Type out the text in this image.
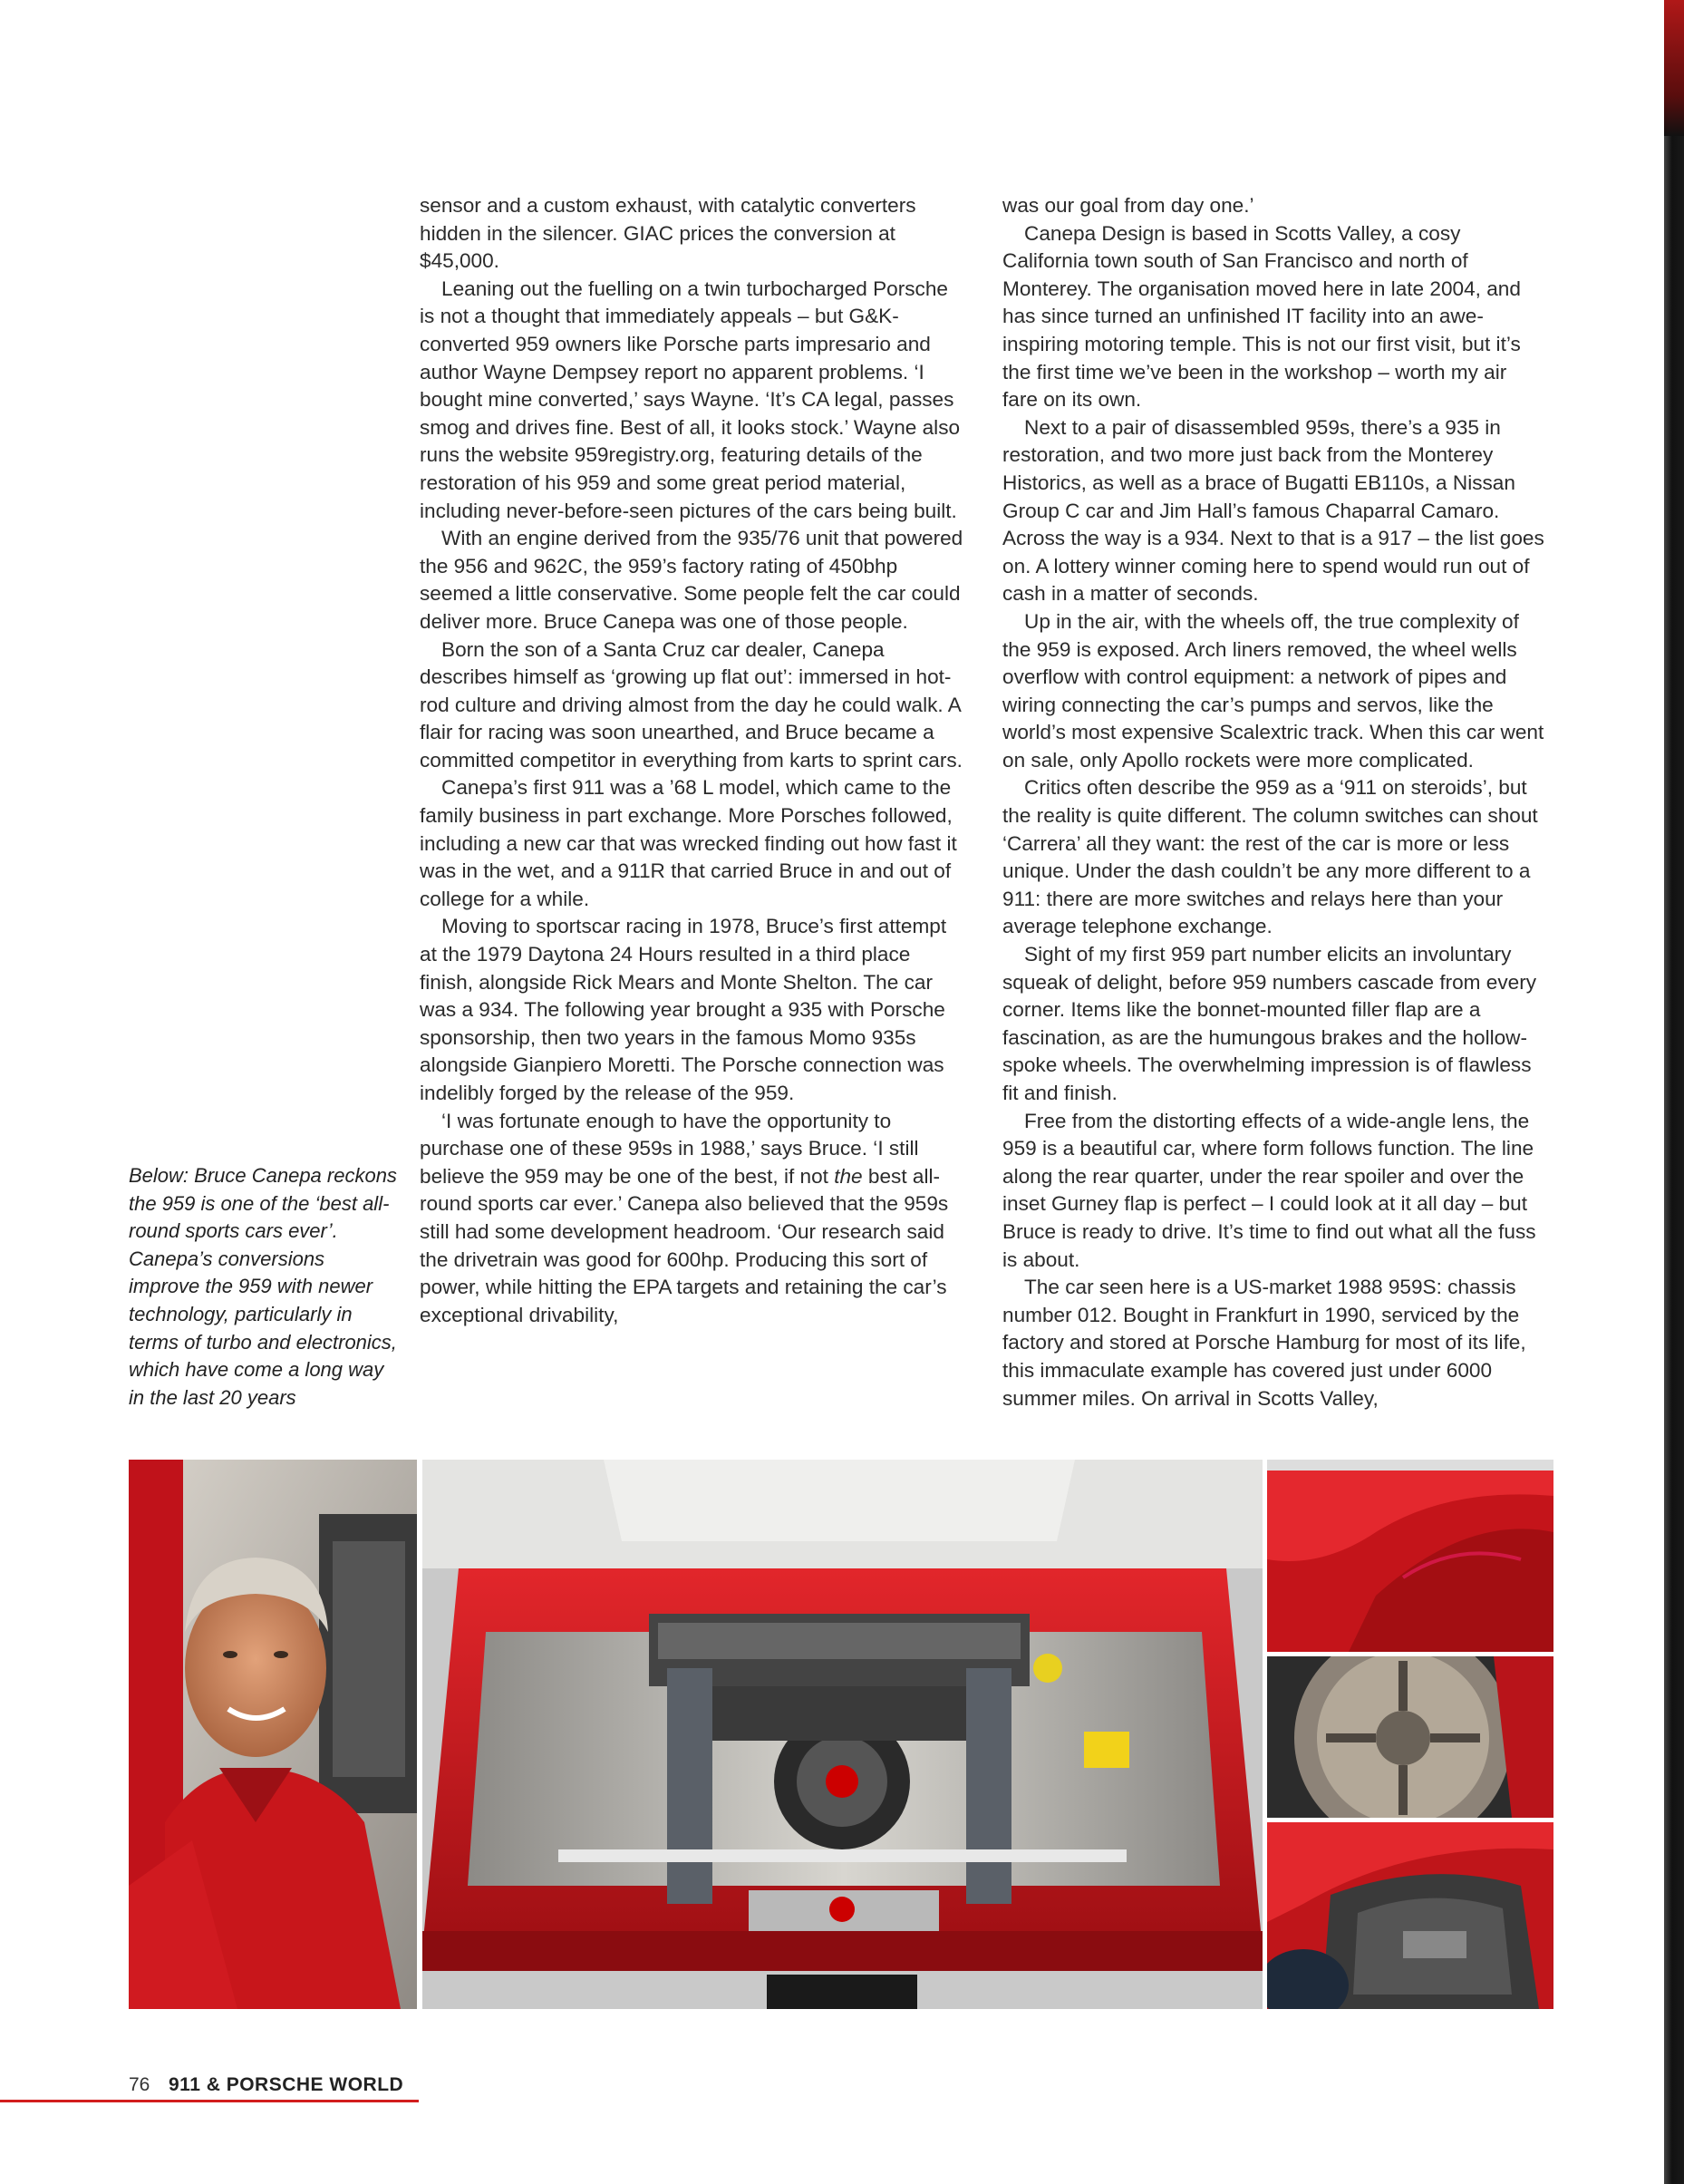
sensor and a custom exhaust, with catalytic converters hidden in the silencer. GIAC prices the conversion at $45,000.

Leaning out the fuelling on a twin turbocharged Porsche is not a thought that immediately appeals – but G&K-converted 959 owners like Porsche parts impresario and author Wayne Dempsey report no apparent problems. ‘I bought mine converted,’ says Wayne. ‘It’s CA legal, passes smog and drives fine. Best of all, it looks stock.’ Wayne also runs the website 959registry.org, featuring details of the restoration of his 959 and some great period material, including never-before-seen pictures of the cars being built.

With an engine derived from the 935/76 unit that powered the 956 and 962C, the 959’s factory rating of 450bhp seemed a little conservative. Some people felt the car could deliver more. Bruce Canepa was one of those people.

Born the son of a Santa Cruz car dealer, Canepa describes himself as ‘growing up flat out’: immersed in hot-rod culture and driving almost from the day he could walk. A flair for racing was soon unearthed, and Bruce became a committed competitor in everything from karts to sprint cars.

Canepa’s first 911 was a ’68 L model, which came to the family business in part exchange. More Porsches followed, including a new car that was wrecked finding out how fast it was in the wet, and a 911R that carried Bruce in and out of college for a while.

Moving to sportscar racing in 1978, Bruce’s first attempt at the 1979 Daytona 24 Hours resulted in a third place finish, alongside Rick Mears and Monte Shelton. The car was a 934. The following year brought a 935 with Porsche sponsorship, then two years in the famous Momo 935s alongside Gianpiero Moretti. The Porsche connection was indelibly forged by the release of the 959.

‘I was fortunate enough to have the opportunity to purchase one of these 959s in 1988,’ says Bruce. ‘I still believe the 959 may be one of the best, if not the best all-round sports car ever.’ Canepa also believed that the 959s still had some development headroom. ‘Our research said the drivetrain was good for 600hp. Producing this sort of power, while hitting the EPA targets and retaining the car’s exceptional drivability,

was our goal from day one.’

Canepa Design is based in Scotts Valley, a cosy California town south of San Francisco and north of Monterey. The organisation moved here in late 2004, and has since turned an unfinished IT facility into an awe-inspiring motoring temple. This is not our first visit, but it’s the first time we’ve been in the workshop – worth my air fare on its own.

Next to a pair of disassembled 959s, there’s a 935 in restoration, and two more just back from the Monterey Historics, as well as a brace of Bugatti EB110s, a Nissan Group C car and Jim Hall’s famous Chaparral Camaro. Across the way is a 934. Next to that is a 917 – the list goes on. A lottery winner coming here to spend would run out of cash in a matter of seconds.

Up in the air, with the wheels off, the true complexity of the 959 is exposed. Arch liners removed, the wheel wells overflow with control equipment: a network of pipes and wiring connecting the car’s pumps and servos, like the world’s most expensive Scalextric track. When this car went on sale, only Apollo rockets were more complicated.

Critics often describe the 959 as a ‘911 on steroids’, but the reality is quite different. The column switches can shout ‘Carrera’ all they want: the rest of the car is more or less unique. Under the dash couldn’t be any more different to a 911: there are more switches and relays here than your average telephone exchange.

Sight of my first 959 part number elicits an involuntary squeak of delight, before 959 numbers cascade from every corner. Items like the bonnet-mounted filler flap are a fascination, as are the humungous brakes and the hollow-spoke wheels. The overwhelming impression is of flawless fit and finish.

Free from the distorting effects of a wide-angle lens, the 959 is a beautiful car, where form follows function. The line along the rear quarter, under the rear spoiler and over the inset Gurney flap is perfect – I could look at it all day – but Bruce is ready to drive. It’s time to find out what all the fuss is about.

The car seen here is a US-market 1988 959S: chassis number 012. Bought in Frankfurt in 1990, serviced by the factory and stored at Porsche Hamburg for most of its life, this immaculate example has covered just under 6000 summer miles. On arrival in Scotts Valley,

Below: Bruce Canepa reckons the 959 is one of the ‘best all-round sports cars ever’. Canepa’s conversions improve the 959 with newer technology, particularly in terms of turbo and electronics, which have come a long way in the last 20 years
76 911 & PORSCHE WORLD
